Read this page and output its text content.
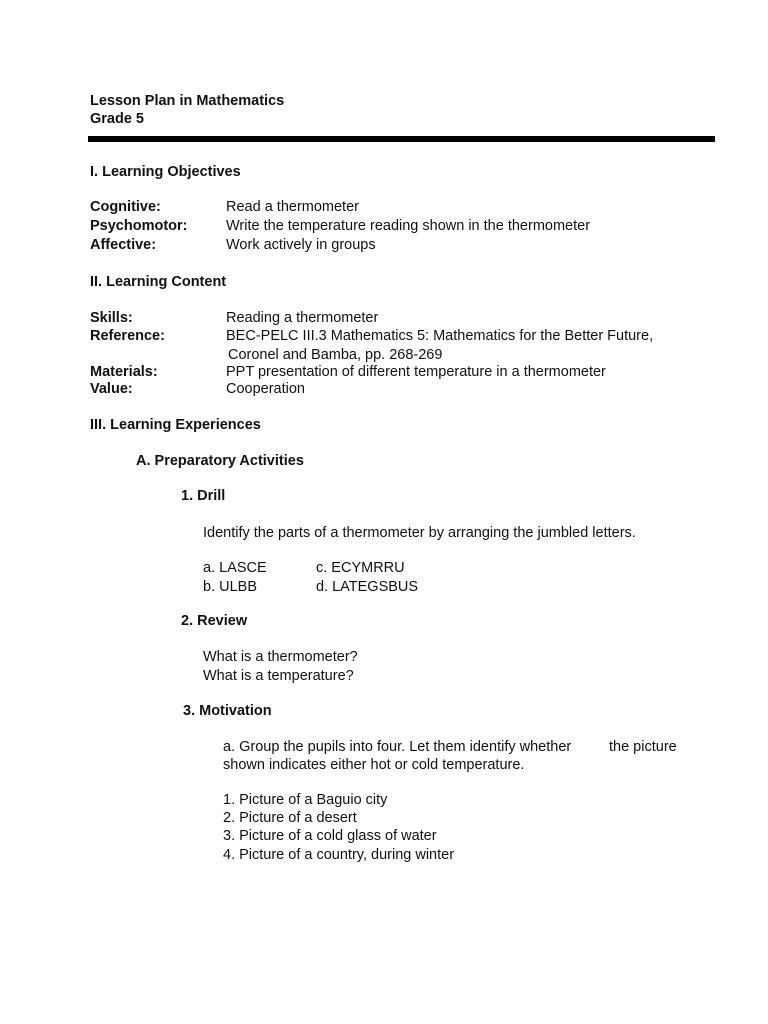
Lesson Plan in Mathematics
Grade 5
I. Learning Objectives
Cognitive:	Read a thermometer
Psychomotor:	Write the temperature reading shown in the thermometer
Affective:	Work actively in groups
II. Learning Content
Skills:	Reading a thermometer
Reference:	BEC-PELC III.3 Mathematics 5: Mathematics for the Better Future,
Coronel and Bamba, pp. 268-269
Materials:	PPT presentation of different temperature in a thermometer
Value:	Cooperation
III. Learning Experiences
A. Preparatory Activities
1. Drill
Identify the parts of a thermometer by arranging the jumbled letters.
a. LASCE
b. ULBB
c. ECYMRRU
d. LATEGSBUS
2. Review
What is a thermometer?
What is a temperature?
3. Motivation
a. Group the pupils into four. Let them identify whether	the picture
shown indicates either hot or cold temperature.
1. Picture of a Baguio city
2. Picture of a desert
3. Picture of a cold glass of water
4. Picture of a country, during winter
